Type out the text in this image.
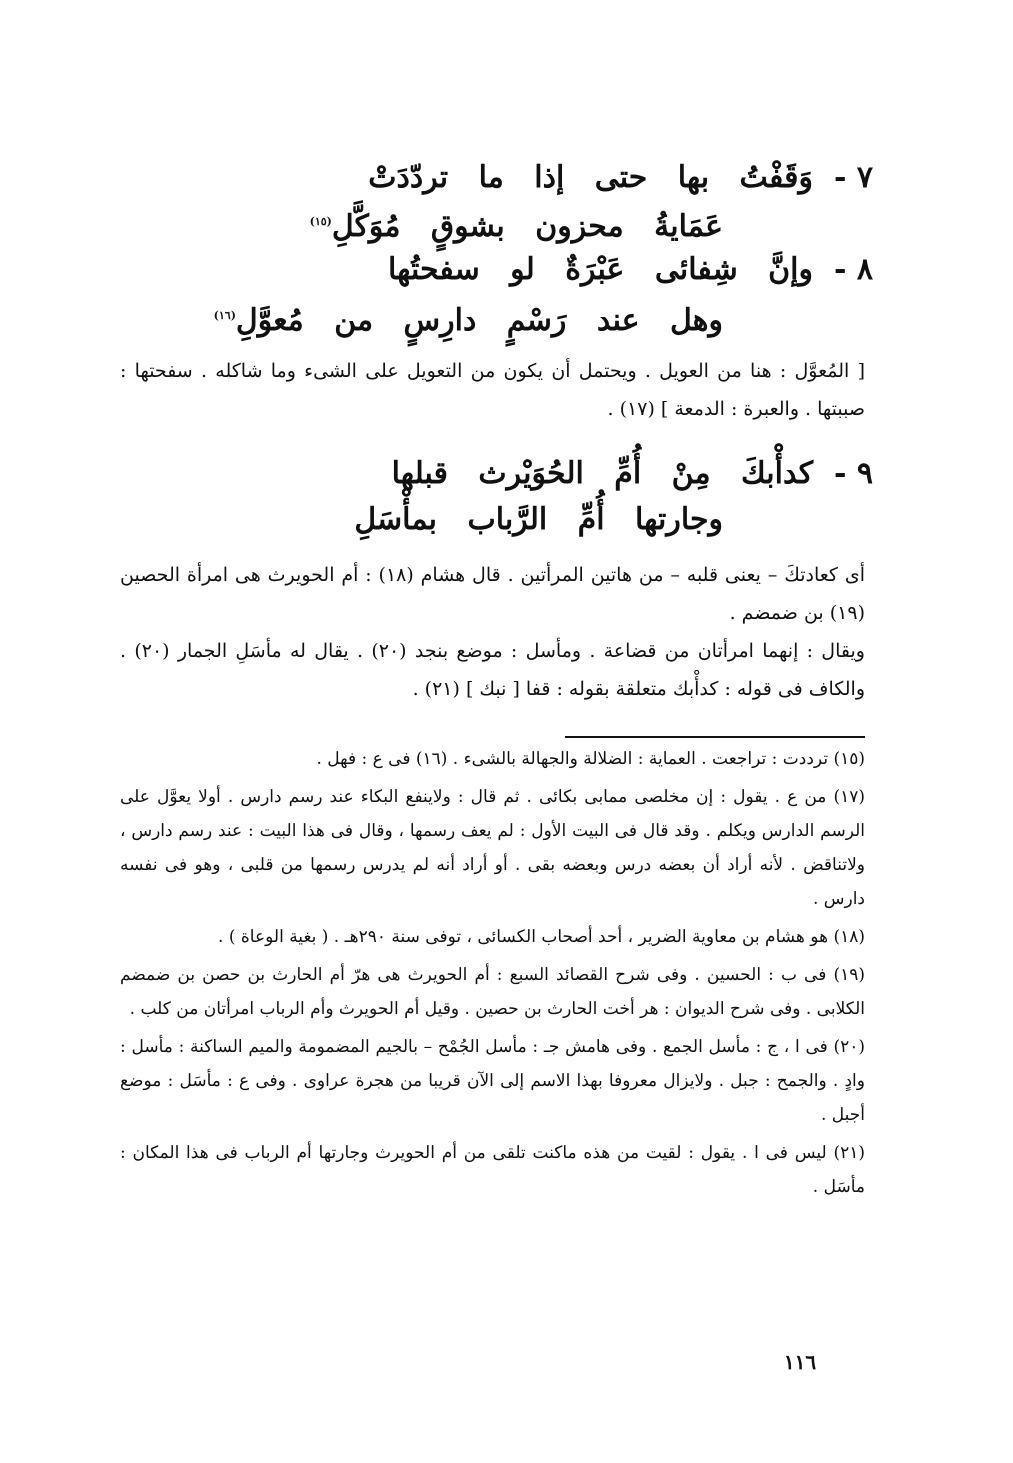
٧ -
وَقَفْتُ بها حتى إذا ما تردّدَتْ
عَمَايةُ محزون بشوقٍ مُوَكَّلِ$^{(١٥)}$
٨ -
وإنَّ شِفائى عَبْرَةٌ لو سفحتُها
وهل عند رَسْمٍ دارِسٍ من مُعوَّلِ$^{(١٦)}$

[ المُعوَّل : هنا من العويل . ويحتمل أن يكون من التعويل على الشىء وما شاكله . سفحتها : صببتها . والعبرة : الدمعة ] (١٧) .

٩ -
كدأْبكَ مِنْ أُمِّ الحُوَيْرث قبلها
وجارتها أُمِّ الرَّباب بمأْسَلِ

أى كعادتكَ – يعنى قلبه – من هاتين المرأتين . قال هشام (١٨) : أم الحويرث هى امرأة الحصين (١٩) بن ضمضم .

ويقال : إنهما امرأتان من قضاعة . ومأسل : موضع بنجد (٢٠) . يقال له مأسَلِ الجمار (٢٠) . والكاف فى قوله : كدأْبك متعلقة بقوله : قفا [ نبك ] (٢١) .

(١٥) ترددت : تراجعت . العماية : الضلالة والجهالة بالشىء . (١٦) فى ع : فهل .

(١٧) من ع . يقول : إن مخلصى ممابى بكائى . ثم قال : ولاينفع البكاء عند رسم دارس . أولا يعوَّل على الرسم الدارس ويكلم . وقد قال فى البيت الأول : لم يعف رسمها ، وقال فى هذا البيت : عند رسم دارس ، ولاتناقض . لأنه أراد أن بعضه درس وبعضه بقى . أو أراد أنه لم يدرس رسمها من قلبى ، وهو فى نفسه دارس .

(١٨) هو هشام بن معاوية الضرير ، أحد أصحاب الكسائى ، توفى سنة ٢٩٠هـ . ( بغية الوعاة ) .

(١٩) فى ب : الحسين . وفى شرح القصائد السبع : أم الحويرث هى هرّ أم الحارث بن حصن بن ضمضم الكلابى . وفى شرح الديوان : هر أخت الحارث بن حصين . وقيل أم الحويرث وأم الرباب امرأتان من كلب .

(٢٠) فى ا ، ج : مأسل الجمع . وفى هامش جـ : مأسل الجُمْح – بالجيم المضمومة والميم الساكنة : مأسل : وادٍ . والجمح : جبل . ولايزال معروفا بهذا الاسم إلى الآن قريبا من هجرة عراوى . وفى ع : مأسَل : موضع أجبل .

(٢١) ليس فى ا . يقول : لقيت من هذه ماكنت تلقى من أم الحويرث وجارتها أم الرباب فى هذا المكان : مأسَل .

١١٦
